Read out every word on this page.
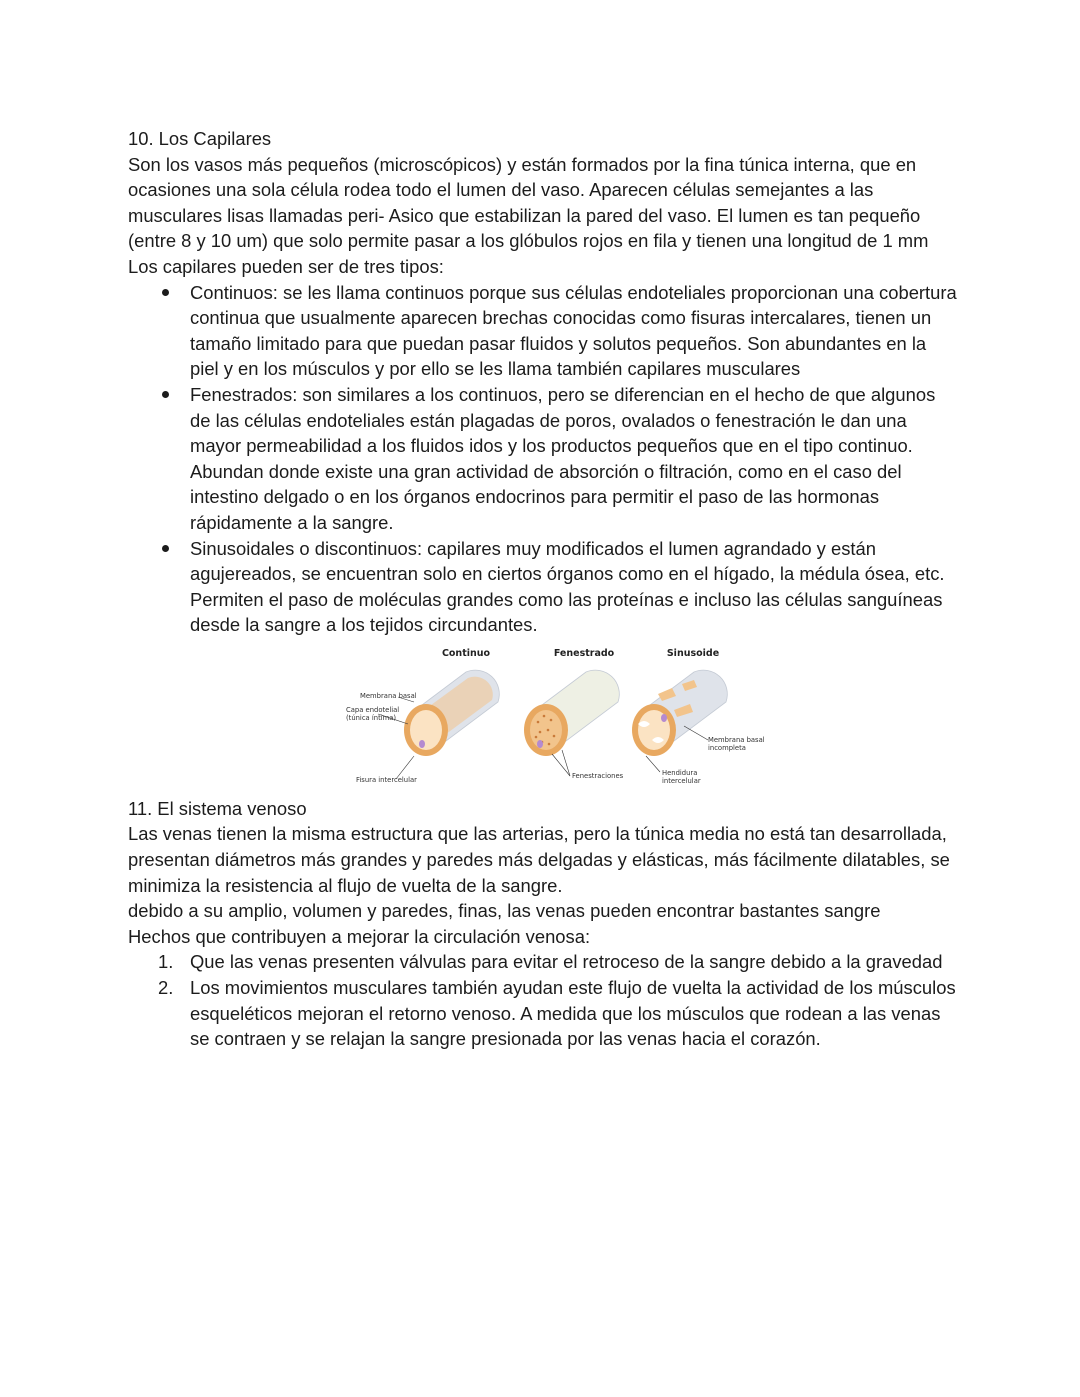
10. Los Capilares

Son los vasos más pequeños (microscópicos) y están formados por la fina túnica interna, que en ocasiones una sola célula rodea todo el lumen del vaso. Aparecen células semejantes a las musculares lisas llamadas peri- Asico que estabilizan la pared del vaso. El lumen es tan pequeño (entre 8 y 10 um) que solo permite pasar a los glóbulos rojos en fila y tienen una longitud de 1 mm

Los capilares pueden ser de tres tipos:

Continuos: se les llama continuos porque sus células endoteliales proporcionan una cobertura continua que usualmente aparecen brechas conocidas como fisuras intercalares, tienen un tamaño limitado para que puedan pasar fluidos y solutos pequeños. Son abundantes en la piel y en los músculos y por ello se les llama también capilares musculares
Fenestrados: son similares a los continuos, pero se diferencian en el hecho de que algunos de las células endoteliales están plagadas de poros, ovalados o fenestración le dan una mayor permeabilidad a los fluidos idos y los productos pequeños que en el tipo continuo. Abundan donde existe una gran actividad de absorción o filtración, como en el caso del intestino delgado o en los órganos endocrinos para permitir el paso de las hormonas rápidamente a la sangre.
Sinusoidales o discontinuos: capilares muy modificados el lumen agrandado y están agujereados, se encuentran solo en ciertos órganos como en el hígado, la médula ósea, etc. Permiten el paso de moléculas grandes como las proteínas e incluso las células sanguíneas desde la sangre a los tejidos circundantes.
Continuo	Fenestrado	Sinusoide
Membrana basal
Capa endotelial
(túnica íntima)
Fisura intercelular	Fenestraciones
Membrana basal
incompleta
Hendidura
intercelular

11. El sistema venoso

Las venas tienen la misma estructura que las arterias, pero la túnica media no está tan desarrollada, presentan diámetros más grandes y paredes más delgadas y elásticas, más fácilmente dilatables, se minimiza la resistencia al flujo de vuelta de la sangre.

debido a su amplio, volumen y paredes, finas, las venas pueden encontrar bastantes sangre

Hechos que contribuyen a mejorar la circulación venosa:

1. Que las venas presenten válvulas para evitar el retroceso de la sangre debido a la gravedad
2. Los movimientos musculares también ayudan este flujo de vuelta la actividad de los músculos esqueléticos mejoran el retorno venoso. A medida que los músculos que rodean a las venas se contraen y se relajan la sangre presionada por las venas hacia el corazón.
